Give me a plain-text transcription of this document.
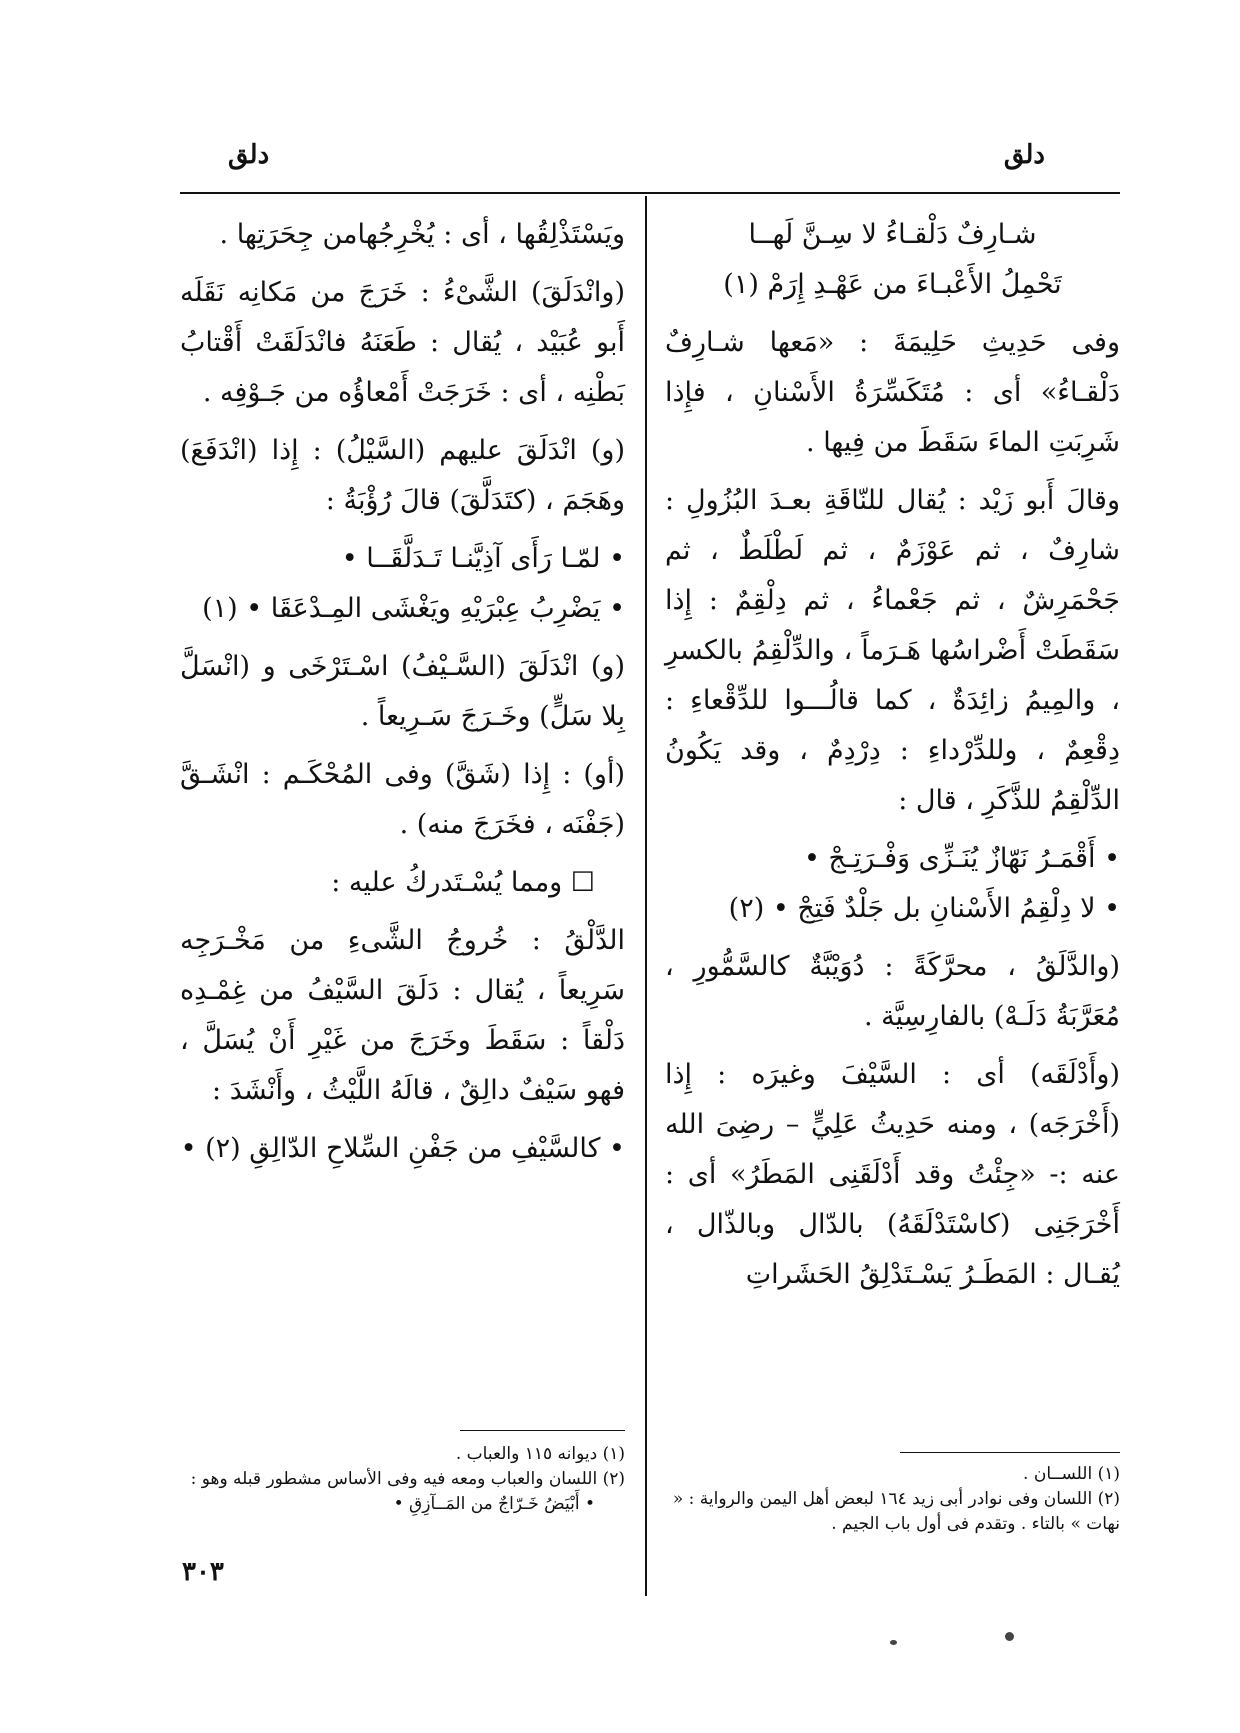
دلق
دلق

شـارِفٌ دَلْقـاءُ لا سِـنَّ لَهــا

تَحْمِلُ الأَعْبـاءَ من عَهْـدِ إِرَمْ (١)

وفى حَدِيثِ حَلِيمَةَ : «مَعها شـارِفٌ دَلْقـاءُ» أى : مُتَكَسِّرَةُ الأَسْنانِ ، فإِذا شَرِبَتِ الماءَ سَقَطَ من فِيها .

وقالَ أَبو زَيْد : يُقال للنّاقَةِ بعـدَ البُزُولِ : شارِفٌ ، ثم عَوْزَمٌ ، ثم لَطْلَطٌ ، ثم جَحْمَرِشٌ ، ثم جَعْماءُ ، ثم دِلْقِمٌ : إِذا سَقَطَتْ أَضْراسُها هَـرَماً ، والدِّلْقِمُ بالكسرِ ، والمِيمُ زائِدَةٌ ، كما قالُـــوا للدِّقْعاءِ : دِقْعِمٌ ، وللدِّرْداءِ : دِرْدِمٌ ، وقد يَكُونُ الدِّلْقِمُ للذَّكَرِ ، قال :

• أَقْمَـرُ نَهّازٌ يُنَـزِّى وَفْـرَتِـجْ •

• لا دِلْقِمُ الأَسْنانِ بل جَلْدٌ فَتِجْ • (٢)

(والدَّلَقُ ، محرَّكَةً : دُوَيْبَّةٌ كالسَّمُّورِ ، مُعَرَّبَةُ دَلَـهْ) بالفارِسِيَّة .

(وأَدْلَقَه) أى : السَّيْفَ وغيرَه : إِذا (أَخْرَجَه) ، ومنه حَدِيثُ عَلِيٍّ – رضِىَ الله عنه :- «جِئْتُ وقد أَدْلَقَنِى المَطَرُ» أى : أَخْرَجَنِى (كاسْتَدْلَقَهُ) بالدّال وبالذّال ، يُقـال : المَطَـرُ يَسْـتَدْلِقُ الحَشَراتِ

ويَسْتَذْلِقُها ، أى : يُخْرِجُهامن جِحَرَتِها .

(وانْدَلَقَ) الشَّىْءُ : خَرَجَ من مَكانِه نَقَلَه أَبو عُبَيْد ، يُقال : طَعَنَهُ فانْدَلَقَتْ أَقْتابُ بَطْنِه ، أى : خَرَجَتْ أَمْعاؤُه من جَـوْفِه .

(و) انْدَلَقَ عليهم (السَّيْلُ) : إِذا (انْدَفَعَ) وهَجَمَ ، (كتَدَلَّقَ) قالَ رُؤْبَةُ :

• لمّـا رَأَى آذِيَّنـا تَـدَلَّقَــا •

• يَضْرِبُ عِبْرَيْهِ ويَغْشَى المِـدْعَقَا • (١)

(و) انْدَلَقَ (السَّـيْفُ) اسْـتَرْخَى و (انْسَلَّ بِلا سَلٍّ) وخَـرَجَ سَـرِيعاً .

(أو) : إِذا (شَقَّ) وفى المُحْكَـم : انْشَـقَّ (جَفْنَه ، فخَرَجَ منه) .

☐ ومما يُسْـتَدركُ عليه :

الدَّلْقُ : خُروجُ الشَّىءِ من مَخْـرَجِه سَرِيعاً ، يُقال : دَلَقَ السَّيْفُ من غِمْـدِه دَلْقاً : سَقَطَ وخَرَجَ من غَيْرِ أَنْ يُسَلَّ ، فهو سَيْفٌ دالِقٌ ، قالَهُ اللَّيْثُ ، وأَنْشَدَ :

• كالسَّيْفِ من جَفْنِ السِّلاحِ الدّالِقِ (٢) •

(١) اللســان .
(٢) اللسان وفى نوادر أبى زيد ١٦٤ لبعض أهل اليمن والرواية : « نهات » بالتاء . وتقدم فى أول باب الجيم .
(١) ديوانه ١١٥ والعباب .
(٢) اللسان والعباب ومعه فيه وفى الأساس مشطور قبله وهو :
• أَبْيَضُ خَـرّاجٌ من المَــآزِقِ •
٣٠٣
